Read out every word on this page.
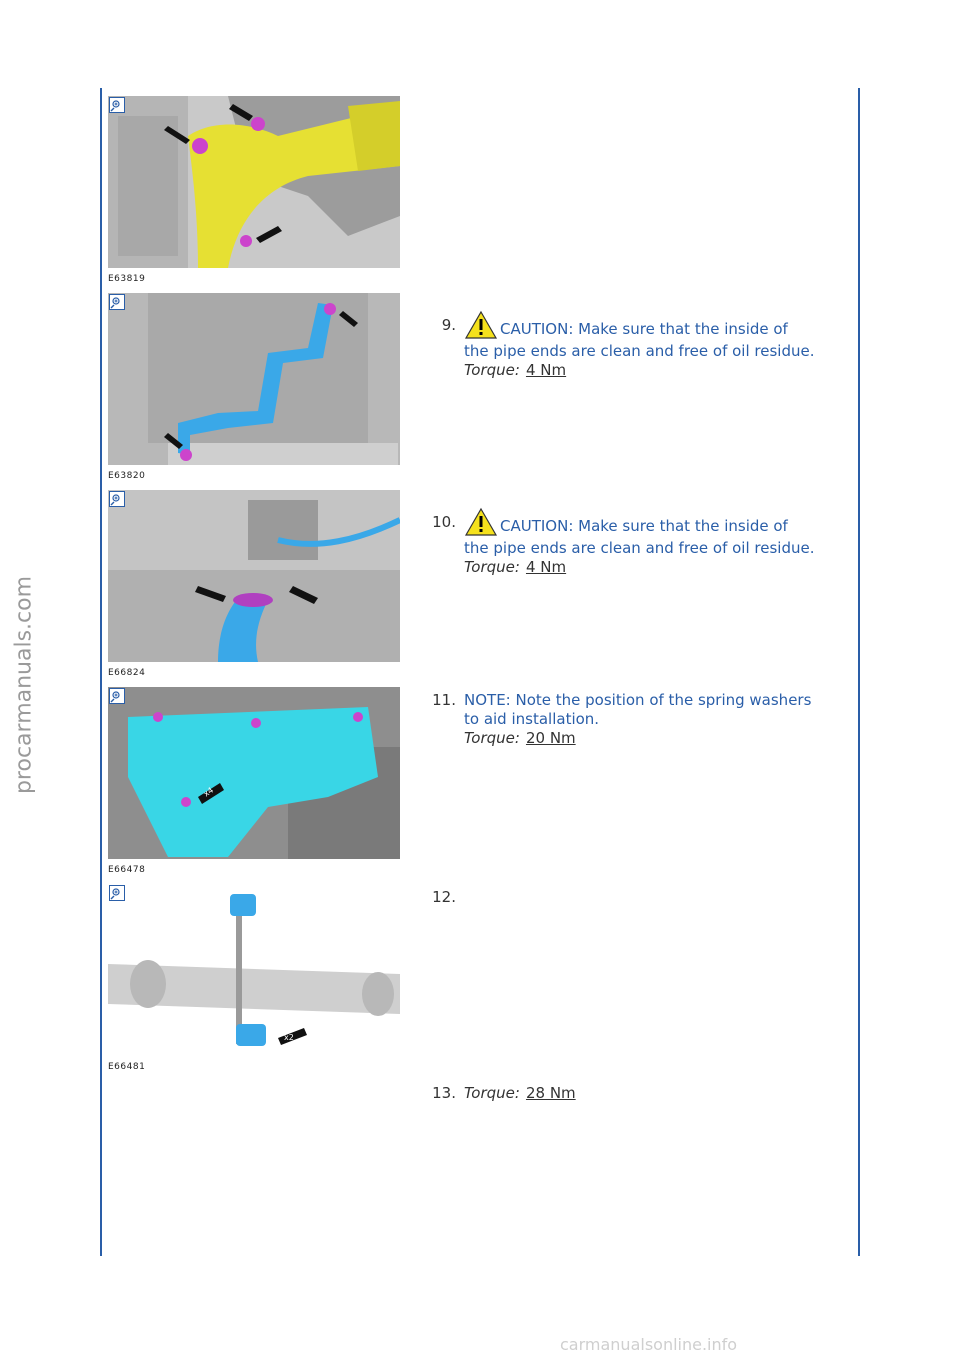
procarmanuals.com
carmanualsonline.info
E63819
E63820
E66824
x4
E66478
x2
E66481
9.	CAUTION: Make sure that the inside of
the pipe ends are clean and free of oil residue.
Torque: 4 Nm
10.	CAUTION: Make sure that the inside of
the pipe ends are clean and free of oil residue.
Torque: 4 Nm
11. NOTE: Note the position of the spring washers to aid installation.
Torque: 20 Nm
12.
13. Torque: 28 Nm
